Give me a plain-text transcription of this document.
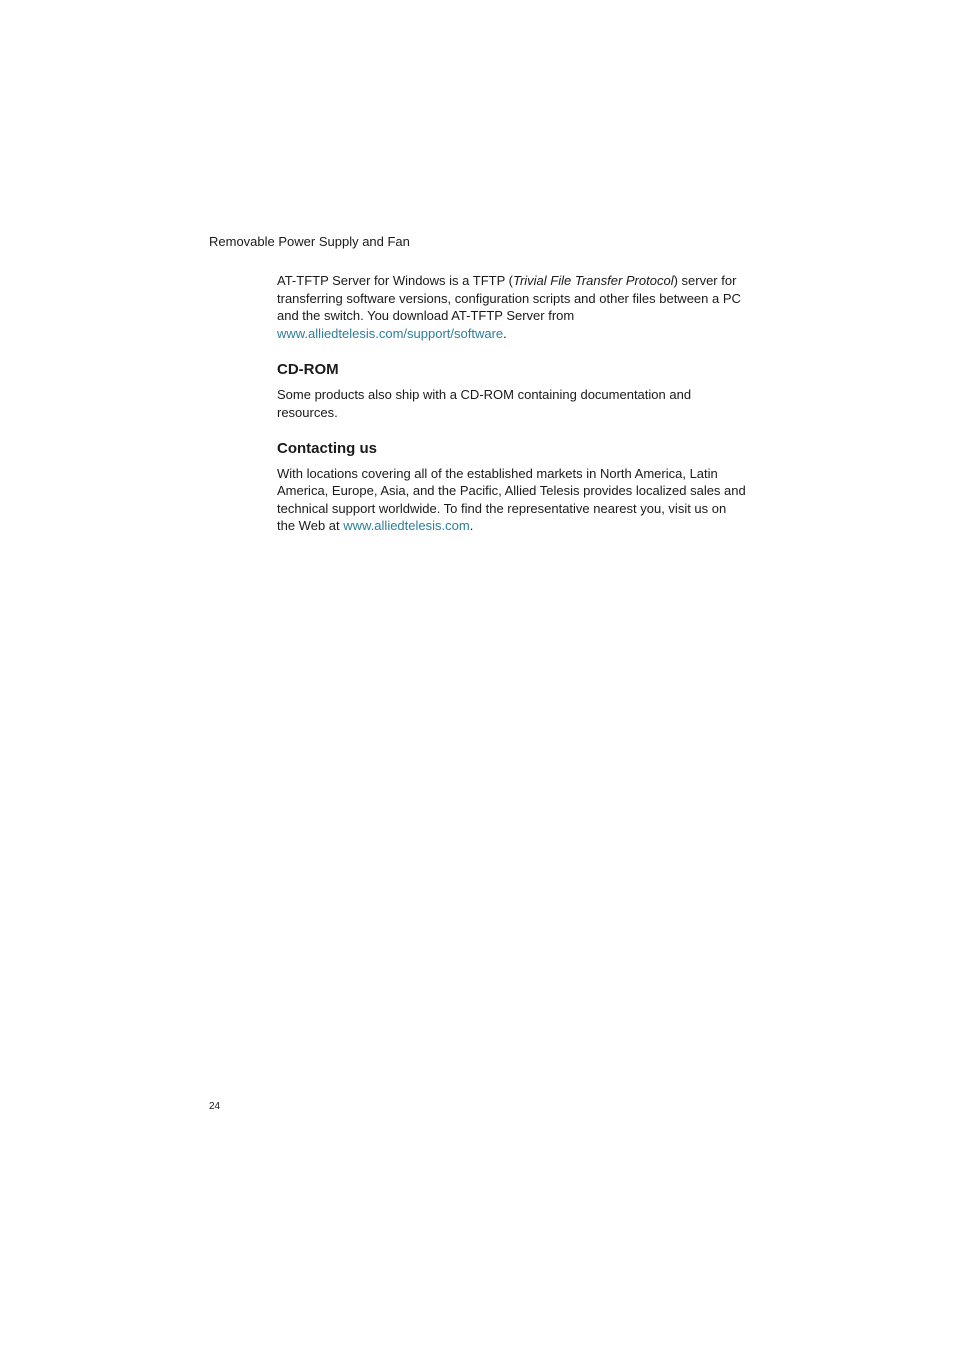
Removable Power Supply and Fan

AT-TFTP Server for Windows is a TFTP (Trivial File Transfer Protocol) server for transferring software versions, configuration scripts and other files between a PC and the switch. You download AT-TFTP Server from www.alliedtelesis.com/support/software.

CD-ROM

Some products also ship with a CD-ROM containing documentation and resources.

Contacting us

With locations covering all of the established markets in North America, Latin America, Europe, Asia, and the Pacific, Allied Telesis provides localized sales and technical support worldwide. To find the representative nearest you, visit us on the Web at www.alliedtelesis.com.

24
